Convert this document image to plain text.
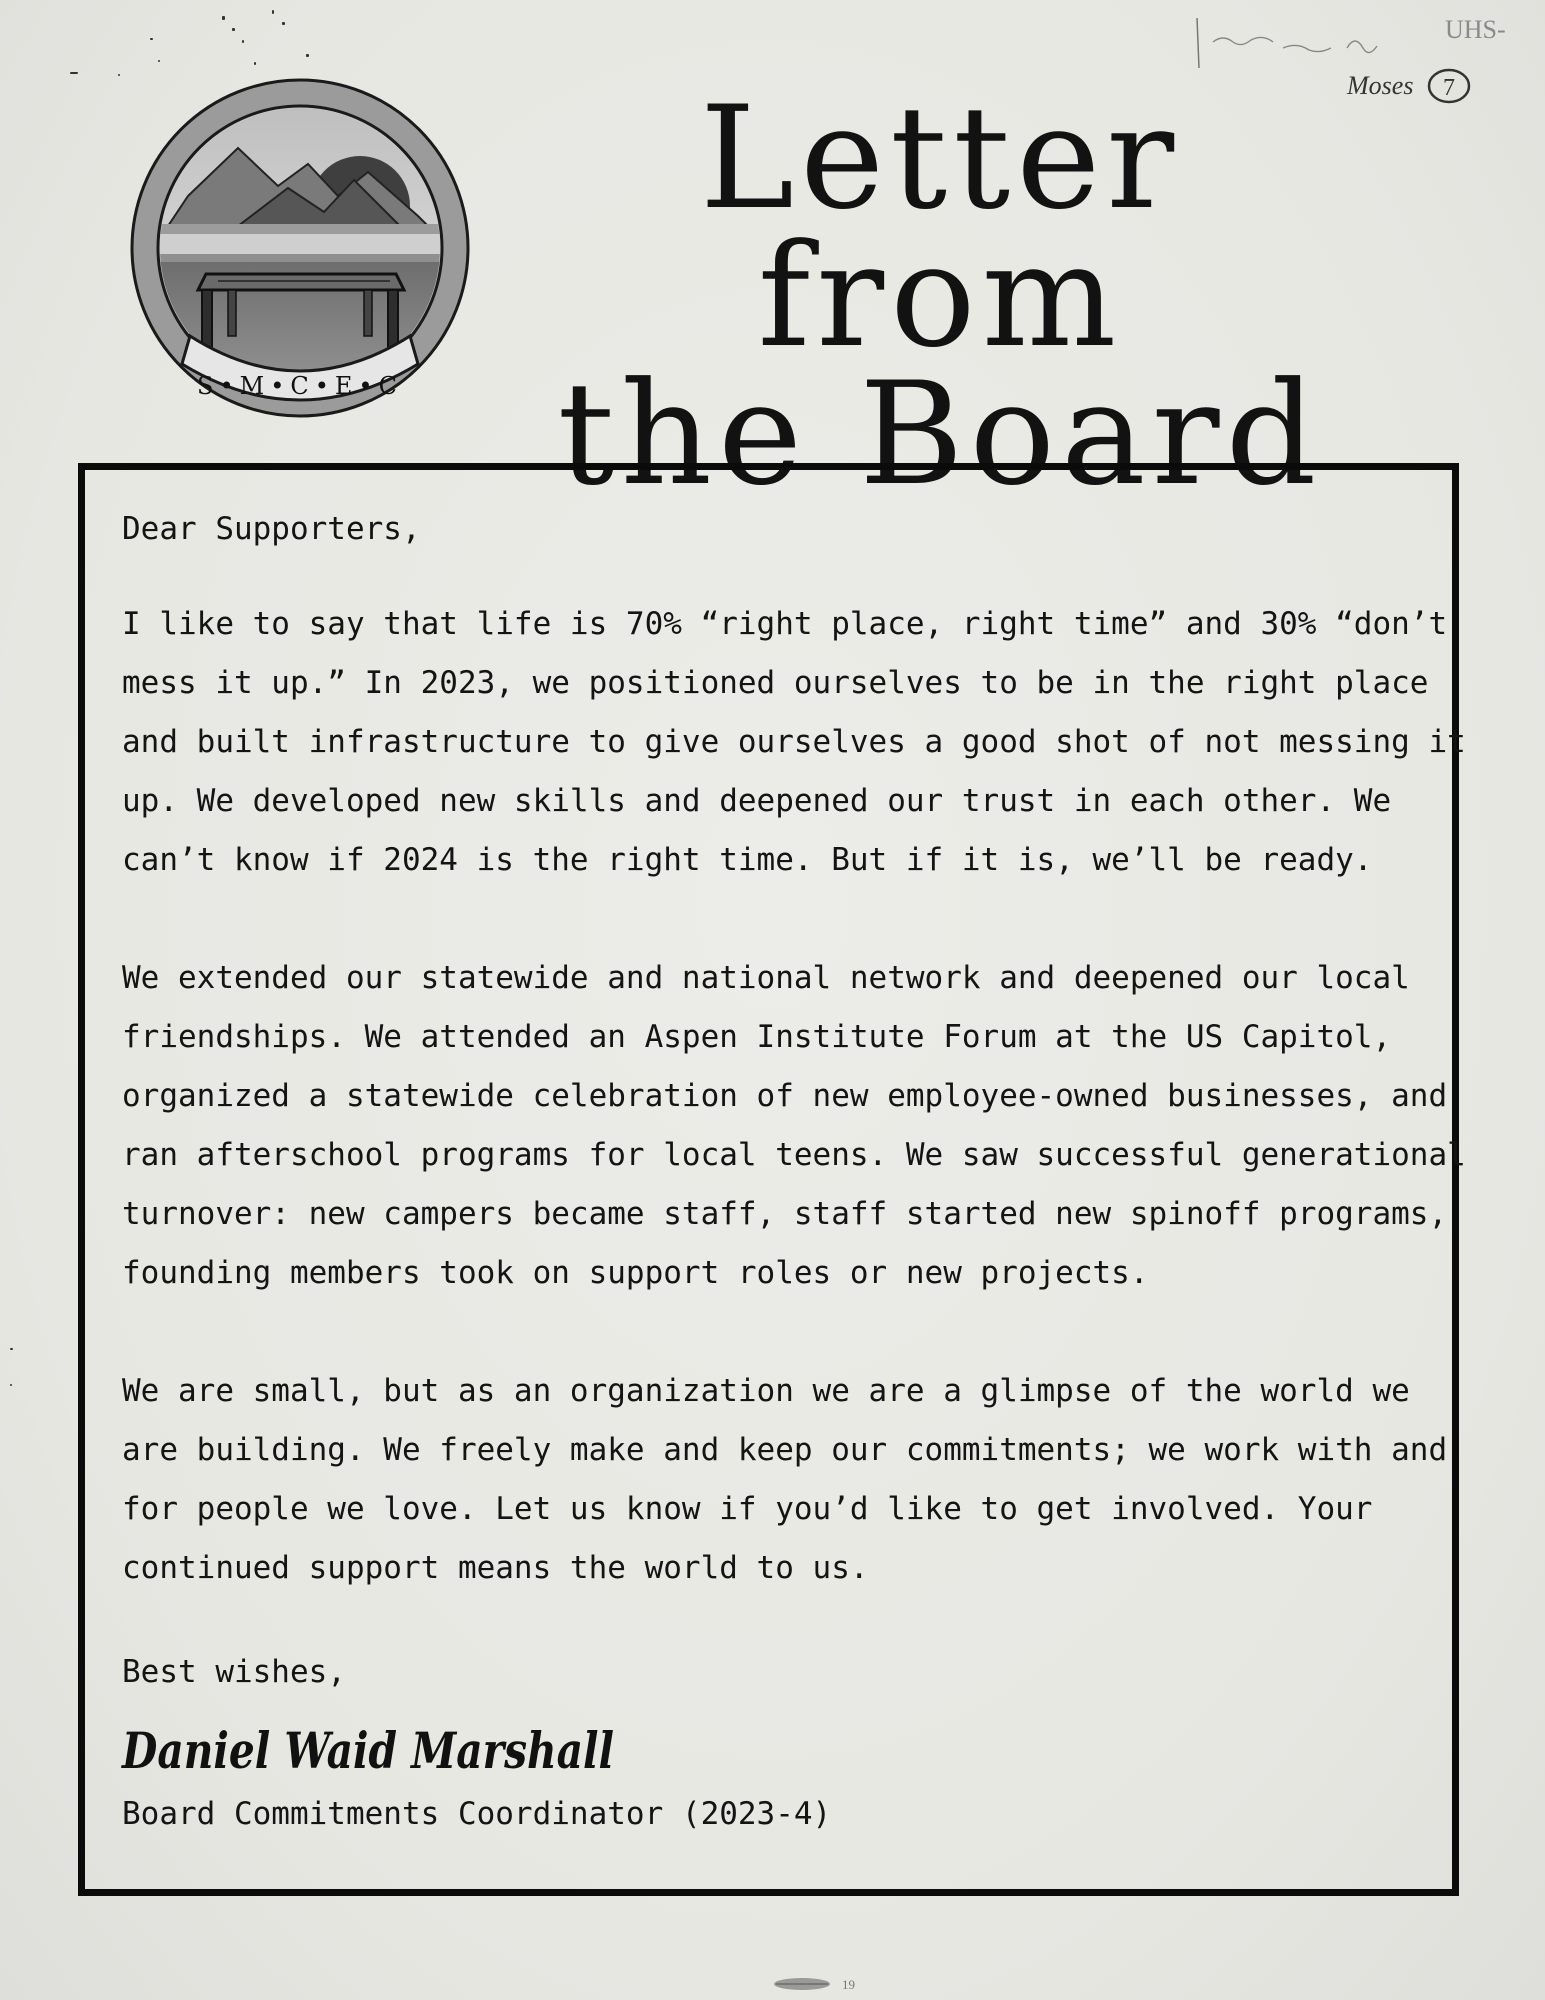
S•M•C•E•C
Letter from
the Board
UHS-
Moses 7

Dear Supporters,

I like to say that life is 70% “right place, right time” and 30% “don’t

mess it up.” In 2023, we positioned ourselves to be in the right place

and built infrastructure to give ourselves a good shot of not messing it

up. We developed new skills and deepened our trust in each other. We

can’t know if 2024 is the right time. But if it is, we’ll be ready.

We extended our statewide and national network and deepened our local

friendships. We attended an Aspen Institute Forum at the US Capitol,

organized a statewide celebration of new employee-owned businesses, and

ran afterschool programs for local teens. We saw successful generational

turnover: new campers became staff, staff started new spinoff programs,

founding members took on support roles or new projects.

We are small, but as an organization we are a glimpse of the world we

are building. We freely make and keep our commitments; we work with and

for people we love. Let us know if you’d like to get involved. Your

continued support means the world to us.

Best wishes,

Daniel Waid Marshall
Board Commitments Coordinator (2023-4)
19
